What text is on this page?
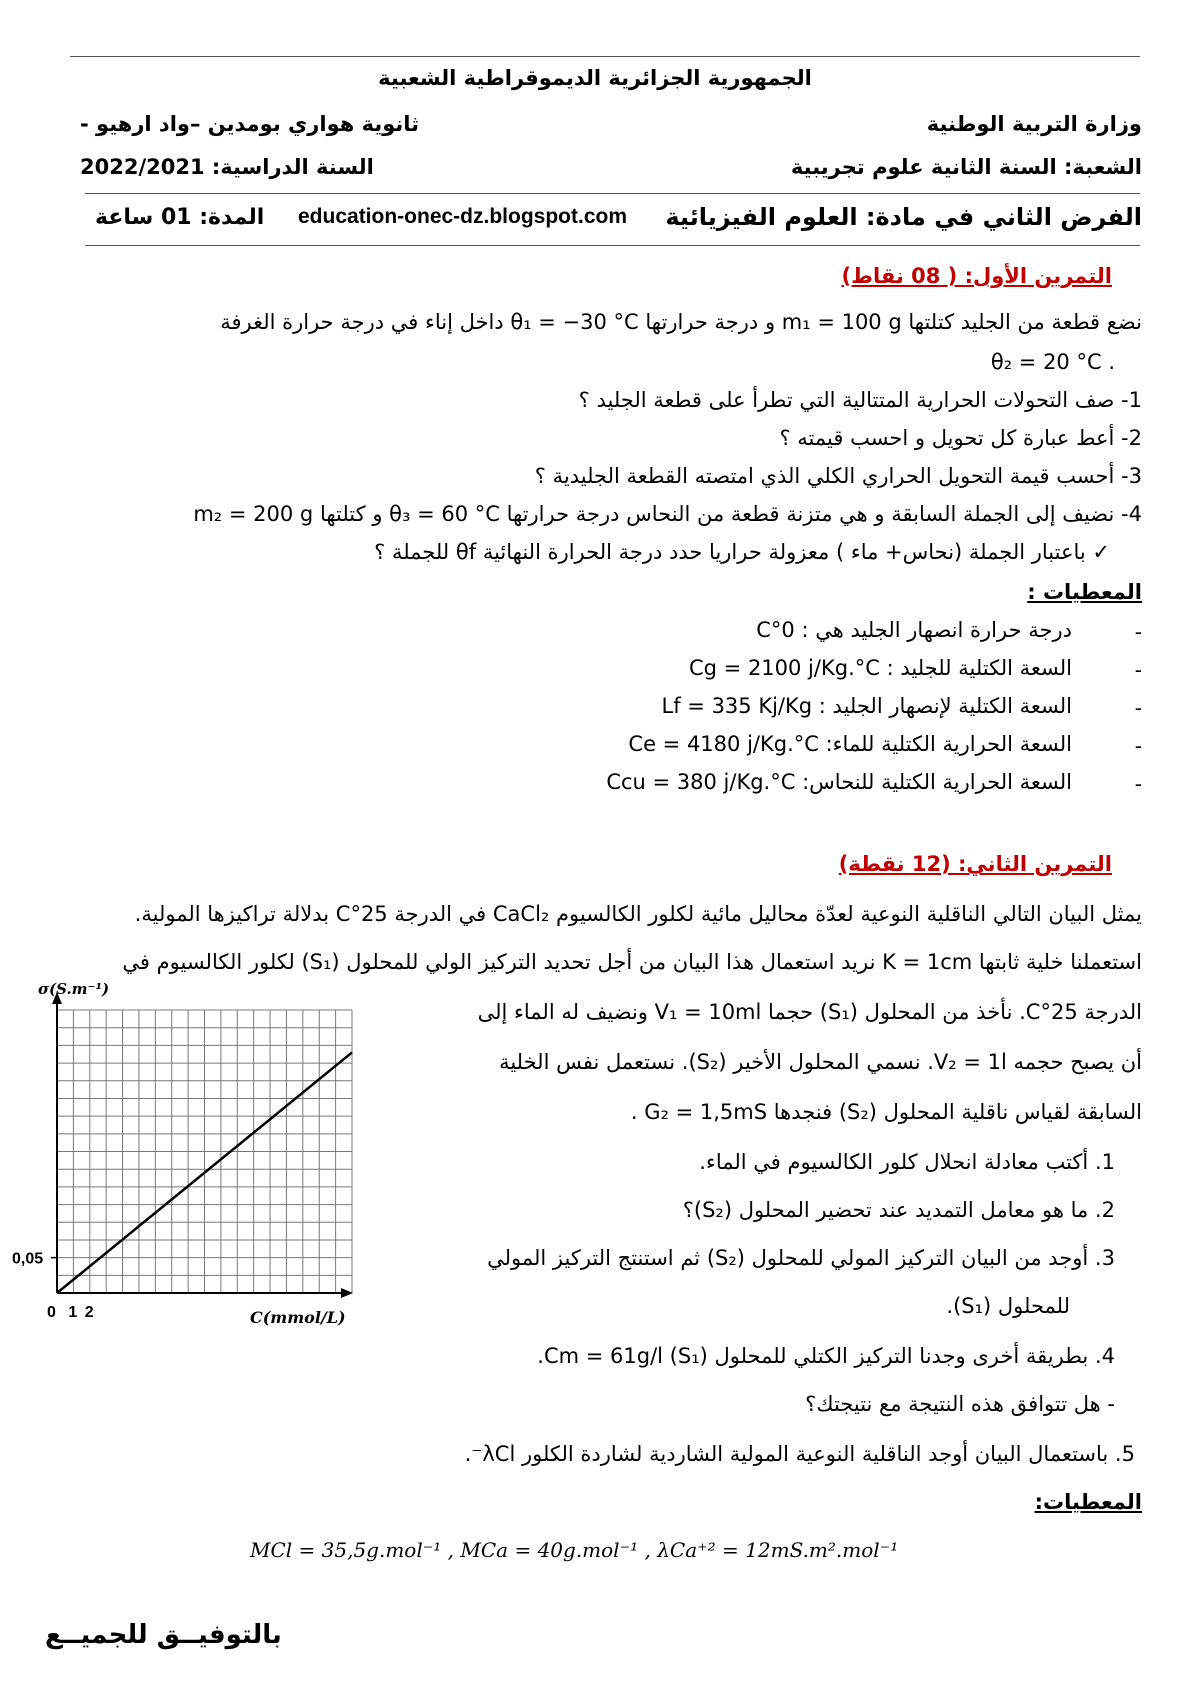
الجمهورية الجزائرية الديموقراطية الشعبية
وزارة التربية الوطنية
ثانوية هواري بومدين –واد ارهيو -
الشعبة: السنة الثانية علوم تجريبية
السنة الدراسية: 2022/2021
الفرض الثاني في مادة: العلوم الفيزيائية
education-onec-dz.blogspot.com
المدة: 01 ساعة
التمرين الأول: ( 08 نقاط)
نضع قطعة من الجليد كتلتها m₁ = 100 g و درجة حرارتها θ₁ = −30 °C داخل إناء في درجة حرارة الغرفة
. θ₂ = 20 °C
1- صف التحولات الحرارية المتتالية التي تطرأ على قطعة الجليد ؟
2- أعط عبارة كل تحويل و احسب قيمته ؟
3- أحسب قيمة التحويل الحراري الكلي الذي امتصته القطعة الجليدية ؟
4- نضيف إلى الجملة السابقة و هي متزنة قطعة من النحاس درجة حرارتها θ₃ = 60 °C و كتلتها m₂ = 200 g
✓ باعتبار الجملة (نحاس+ ماء ) معزولة حراريا حدد درجة الحرارة النهائية θf للجملة ؟
المعطيات :
-
درجة حرارة انصهار الجليد هي : 0°C
-
السعة الكتلية للجليد : Cg = 2100 j/Kg.°C
-
السعة الكتلية لإنصهار الجليد : Lf = 335 Kj/Kg
-
السعة الحرارية الكتلية للماء: Ce = 4180 j/Kg.°C
-
السعة الحرارية الكتلية للنحاس: Ccu = 380 j/Kg.°C
التمرين الثاني: (12 نقطة)
يمثل البيان التالي الناقلية النوعية لعدّة محاليل مائية لكلور الكالسيوم CaCl₂ في الدرجة 25°C بدلالة تراكيزها المولية.
استعملنا خلية ثابتها K = 1cm نريد استعمال هذا البيان من أجل تحديد التركيز الولي للمحلول (S₁) لكلور الكالسيوم في
الدرجة 25°C. نأخذ من المحلول (S₁) حجما V₁ = 10ml ونضيف له الماء إلى
أن يصبح حجمه V₂ = 1l. نسمي المحلول الأخير (S₂). نستعمل نفس الخلية
السابقة لقياس ناقلية المحلول (S₂) فنجدها G₂ = 1,5mS .
1. أكتب معادلة انحلال كلور الكالسيوم في الماء.
2. ما هو معامل التمديد عند تحضير المحلول (S₂)؟
3. أوجد من البيان التركيز المولي للمحلول (S₂) ثم استنتج التركيز المولي
للمحلول (S₁).
4. بطريقة أخرى وجدنا التركيز الكتلي للمحلول (S₁) Cm = 61g/l.
- هل تتوافق هذه النتيجة مع نتيجتك؟
5. باستعمال البيان أوجد الناقلية النوعية المولية الشاردية لشاردة الكلور λCl⁻.
المعطيات:
MCl = 35,5g.mol⁻¹ , MCa = 40g.mol⁻¹ , λCa⁺² = 12mS.m².mol⁻¹
σ(S.m⁻¹)
C(mmol/L)
0 1 2
0,05
بالتوفيــق للجميــع
